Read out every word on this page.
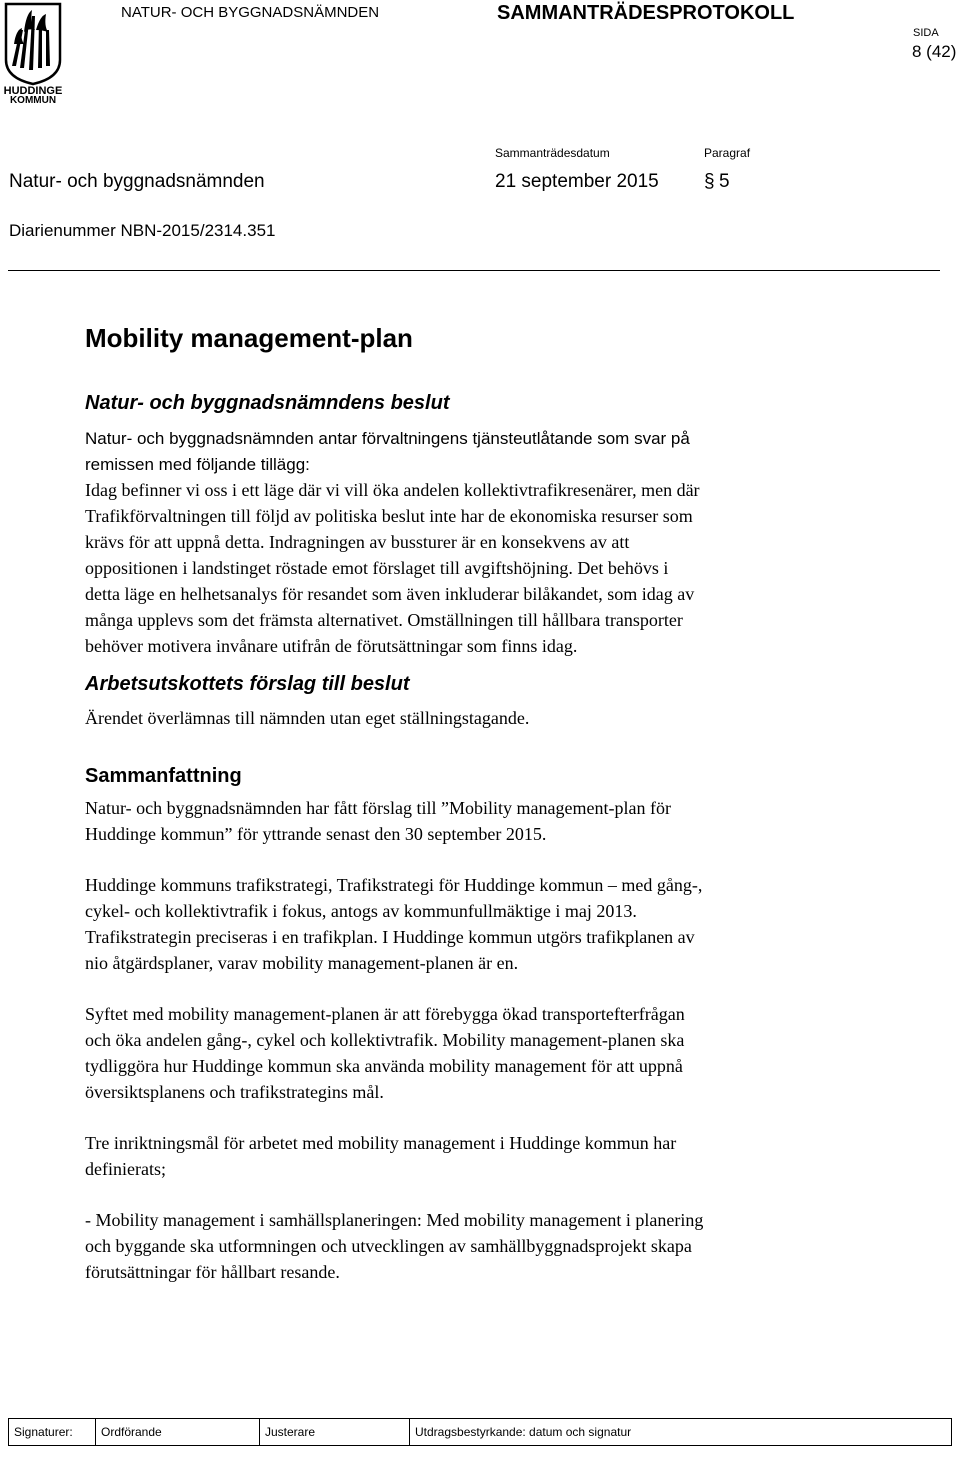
HUDDINGE
KOMMUN
NATUR- OCH BYGGNADSNÄMNDEN	SAMMANTRÄDESPROTOKOLL
SIDA
8 (42)
Sammanträdesdatum	Paragraf
Natur- och byggnadsnämnden	21 september 2015 § 5
Diarienummer NBN-2015/2314.351
Mobility management-plan
Natur- och byggnadsnämndens beslut
Natur- och byggnadsnämnden antar förvaltningens tjänsteutlåtande som svar på
remissen med följande tillägg:
Idag befinner vi oss i ett läge där vi vill öka andelen kollektivtrafikresenärer, men där
Trafikförvaltningen till följd av politiska beslut inte har de ekonomiska resurser som
krävs för att uppnå detta. Indragningen av bussturer är en konsekvens av att
oppositionen i landstinget röstade emot förslaget till avgiftshöjning. Det behövs i
detta läge en helhetsanalys för resandet som även inkluderar bilåkandet, som idag av
många upplevs som det främsta alternativet. Omställningen till hållbara transporter
behöver motivera invånare utifrån de förutsättningar som finns idag.
Arbetsutskottets förslag till beslut
Ärendet överlämnas till nämnden utan eget ställningstagande.
Sammanfattning
Natur- och byggnadsnämnden har fått förslag till ”Mobility management-plan för
Huddinge kommun” för yttrande senast den 30 september 2015.
Huddinge kommuns trafikstrategi, Trafikstrategi för Huddinge kommun – med gång-,
cykel- och kollektivtrafik i fokus, antogs av kommunfullmäktige i maj 2013.
Trafikstrategin preciseras i en trafikplan. I Huddinge kommun utgörs trafikplanen av
nio åtgärdsplaner, varav mobility management-planen är en.
Syftet med mobility management-planen är att förebygga ökad transportefterfrågan
och öka andelen gång-, cykel och kollektivtrafik. Mobility management-planen ska
tydliggöra hur Huddinge kommun ska använda mobility management för att uppnå
översiktsplanens och trafikstrategins mål.
Tre inriktningsmål för arbetet med mobility management i Huddinge kommun har
definierats;
- Mobility management i samhällsplaneringen: Med mobility management i planering
och byggande ska utformningen och utvecklingen av samhällbyggnadsprojekt skapa
förutsättningar för hållbart resande.
Signaturer:	Ordförande	Justerare	Utdragsbestyrkande: datum och signatur
